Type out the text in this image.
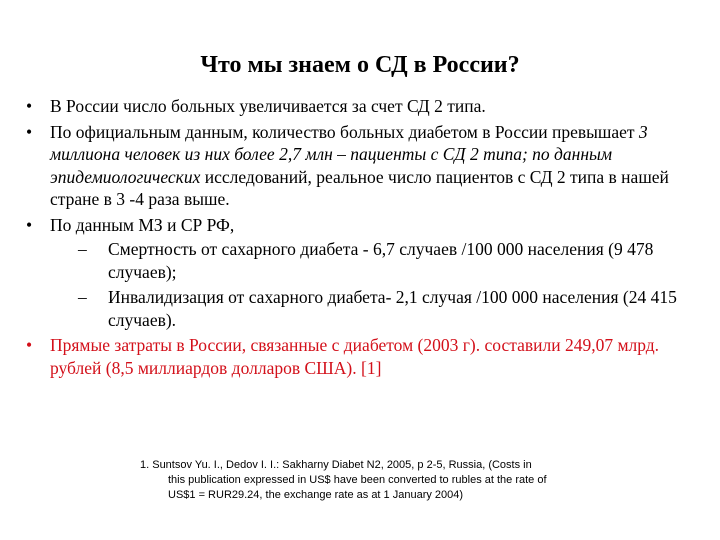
Что мы знаем о СД в России?
• В России число больных увеличивается за счет СД 2 типа.
• По официальным данным, количество больных диабетом в России превышает 3 миллиона человек из них более 2,7 млн – пациенты с СД 2 типа; по данным эпидемиологических исследований, реальное число пациентов с СД 2 типа в нашей стране в 3 -4 раза выше.
• По данным МЗ и СР РФ,
– Смертность от сахарного диабета - 6,7 случаев /100 000 населения (9 478 случаев);
– Инвалидизация от сахарного диабета- 2,1 случая /100 000 населения (24 415 случаев).
• Прямые затраты в России, связанные с диабетом (2003 г). составили 249,07 млрд. рублей (8,5 миллиардов долларов США). [1]
1. Suntsov Yu. I., Dedov I. I.: Sakharny Diabet N2, 2005, p 2-5, Russia, (Costs in
this publication expressed in US$ have been converted to rubles at the rate of
US$1 = RUR29.24, the exchange rate as at 1 January 2004)
